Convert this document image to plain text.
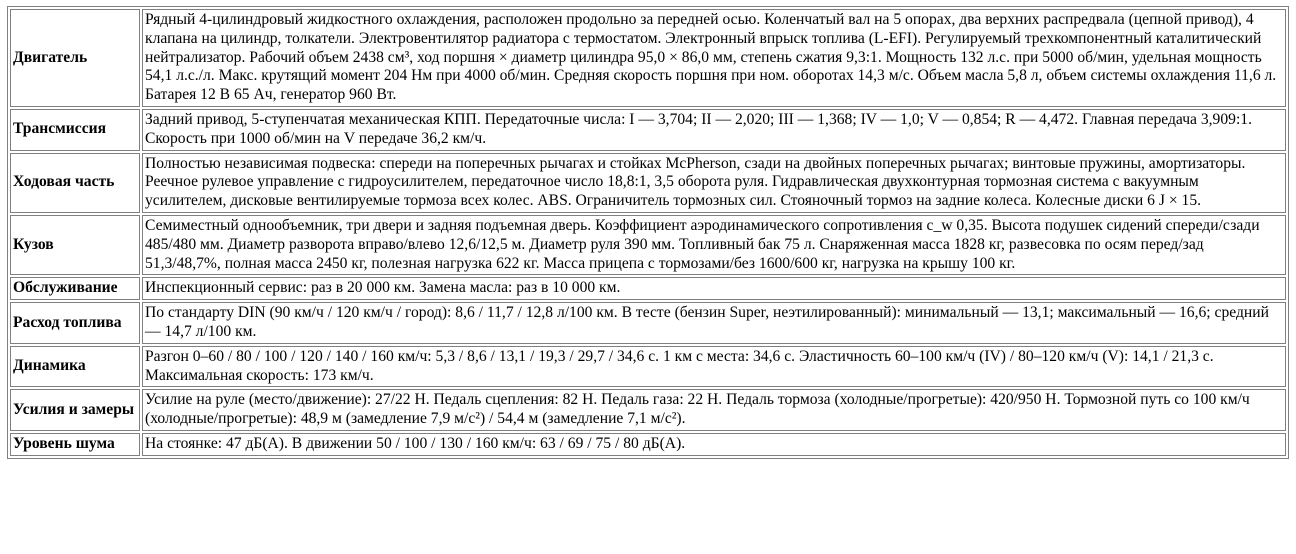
Двигатель	Рядный 4-цилиндровый жидкостного охлаждения, расположен продольно за передней осью. Коленчатый вал на 5 опорах, два верхних распредвала (цепной привод), 4 клапана на цилиндр, толкатели. Электровентилятор радиатора с термостатом. Электронный впрыск топлива (L-EFI). Регулируемый трехкомпонентный каталитический нейтрализатор. Рабочий объем 2438 см³, ход поршня × диаметр цилиндра 95,0 × 86,0 мм, степень сжатия 9,3:1. Мощность 132 л.с. при 5000 об/мин, удельная мощность 54,1 л.с./л. Макс. крутящий момент 204 Нм при 4000 об/мин. Средняя скорость поршня при ном. оборотах 14,3 м/с. Объем масла 5,8 л, объем системы охлаждения 11,6 л. Батарея 12 В 65 Ач, генератор 960 Вт.
Трансмиссия	Задний привод, 5-ступенчатая механическая КПП. Передаточные числа: I — 3,704; II — 2,020; III — 1,368; IV — 1,0; V — 0,854; R — 4,472. Главная передача 3,909:1. Скорость при 1000 об/мин на V передаче 36,2 км/ч.
Ходовая часть	Полностью независимая подвеска: спереди на поперечных рычагах и стойках McPherson, сзади на двойных поперечных рычагах; винтовые пружины, амортизаторы. Реечное рулевое управление с гидроусилителем, передаточное число 18,8:1, 3,5 оборота руля. Гидравлическая двухконтурная тормозная система с вакуумным усилителем, дисковые вентилируемые тормоза всех колес. ABS. Ограничитель тормозных сил. Стояночный тормоз на задние колеса. Колесные диски 6 J × 15.
Кузов	Семиместный однообъемник, три двери и задняя подъемная дверь. Коэффициент аэродинамического сопротивления c_w 0,35. Высота подушек сидений спереди/сзади 485/480 мм. Диаметр разворота вправо/влево 12,6/12,5 м. Диаметр руля 390 мм. Топливный бак 75 л. Снаряженная масса 1828 кг, развесовка по осям перед/зад 51,3/48,7%, полная масса 2450 кг, полезная нагрузка 622 кг. Масса прицепа с тормозами/без 1600/600 кг, нагрузка на крышу 100 кг.
Обслуживание	Инспекционный сервис: раз в 20 000 км. Замена масла: раз в 10 000 км.
Расход топлива	По стандарту DIN (90 км/ч / 120 км/ч / город): 8,6 / 11,7 / 12,8 л/100 км. В тесте (бензин Super, неэтилированный): минимальный — 13,1; максимальный — 16,6; средний — 14,7 л/100 км.
Динамика	Разгон 0–60 / 80 / 100 / 120 / 140 / 160 км/ч: 5,3 / 8,6 / 13,1 / 19,3 / 29,7 / 34,6 с. 1 км с места: 34,6 с. Эластичность 60–100 км/ч (IV) / 80–120 км/ч (V): 14,1 / 21,3 с. Максимальная скорость: 173 км/ч.
Усилия и замеры	Усилие на руле (место/движение): 27/22 Н. Педаль сцепления: 82 Н. Педаль газа: 22 Н. Педаль тормоза (холодные/прогретые): 420/950 Н. Тормозной путь со 100 км/ч (холодные/прогретые): 48,9 м (замедление 7,9 м/с²) / 54,4 м (замедление 7,1 м/с²).
Уровень шума	На стоянке: 47 дБ(А). В движении 50 / 100 / 130 / 160 км/ч: 63 / 69 / 75 / 80 дБ(А).
